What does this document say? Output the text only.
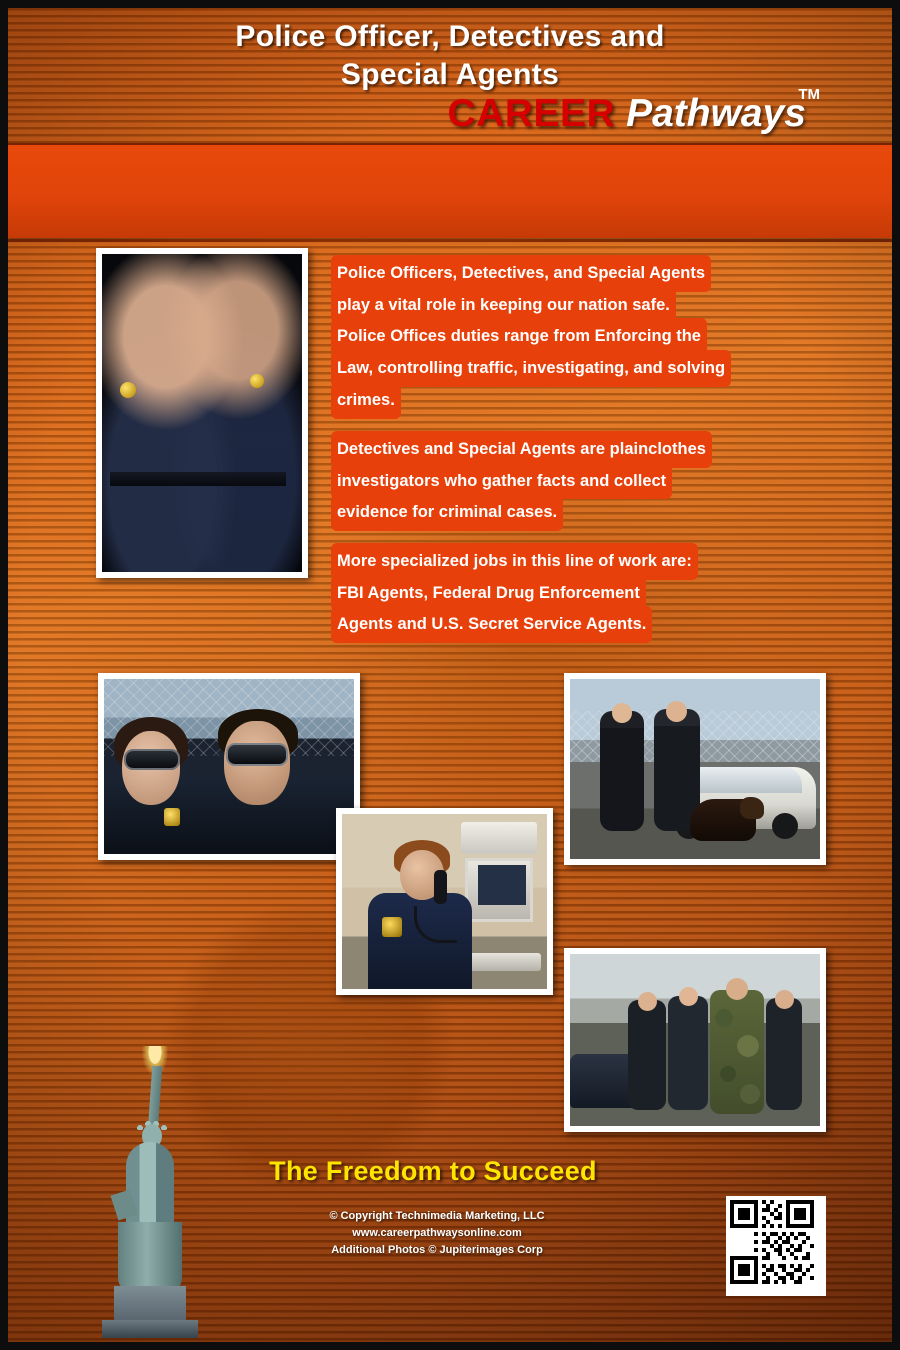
CAREER Pathways
TM
Police Officer, Detectives and
Special Agents

Police Officers, Detectives, and Special Agents
play a vital role in keeping our nation safe.
Police Offices duties range from Enforcing the
Law, controlling traffic, investigating, and solving
crimes.

Detectives and Special Agents are plainclothes
investigators who gather facts and collect
evidence for criminal cases.

More specialized jobs in this line of work are:
FBI Agents, Federal Drug Enforcement
Agents and U.S. Secret Service Agents.

The Freedom to Succeed
© Copyright Technimedia Marketing, LLC
www.careerpathwaysonline.com
Additional Photos © Jupiterimages Corp
